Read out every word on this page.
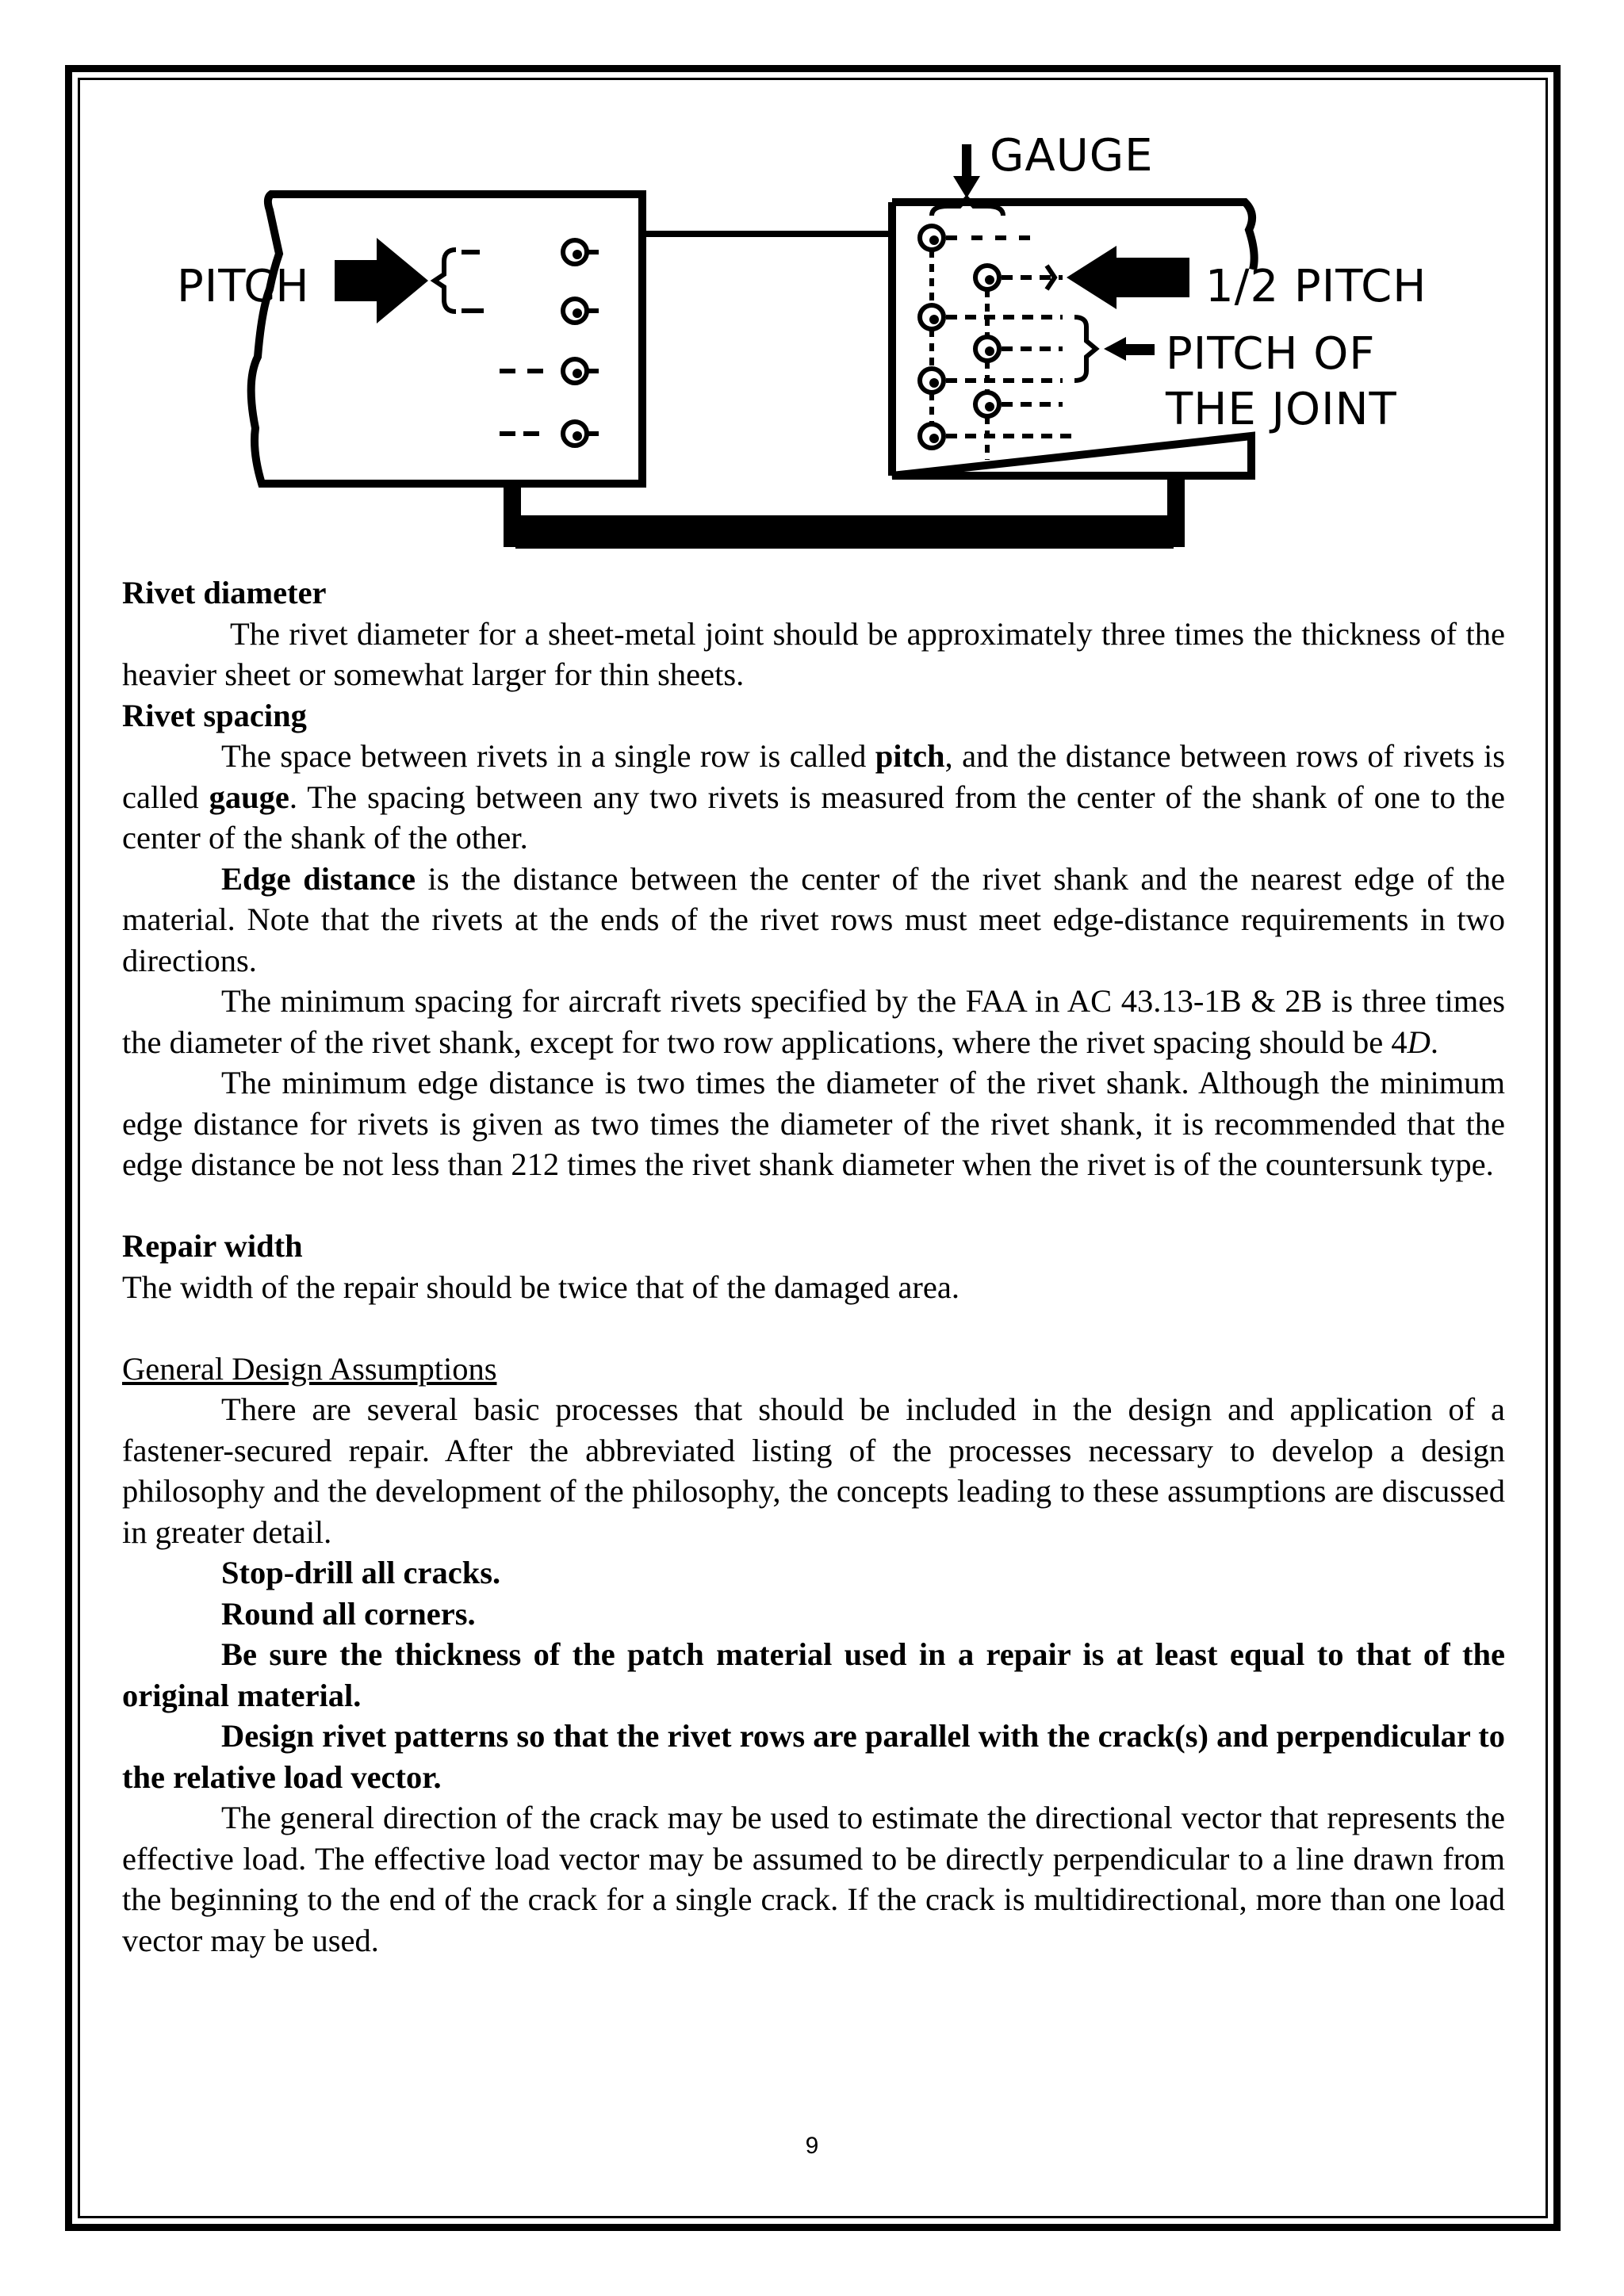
PITCH
GAUGE
1/2 PITCH
PITCH OF
THE JOINT

Rivet diameter

The rivet diameter for a sheet-metal joint should be approximately three times the thickness of the heavier sheet or somewhat larger for thin sheets.

Rivet spacing

The space between rivets in a single row is called pitch, and the distance between rows of rivets is called gauge. The spacing between any two rivets is measured from the center of the shank of one to the center of the shank of the other.

Edge distance is the distance between the center of the rivet shank and the nearest edge of the material. Note that the rivets at the ends of the rivet rows must meet edge-distance requirements in two directions.

The minimum spacing for aircraft rivets specified by the FAA in AC 43.13-1B & 2B is three times the diameter of the rivet shank, except for two row applications, where the rivet spacing should be 4D.

The minimum edge distance is two times the diameter of the rivet shank. Although the minimum edge distance for rivets is given as two times the diameter of the rivet shank, it is recommended that the edge distance be not less than 212 times the rivet shank diameter when the rivet is of the countersunk type.

Repair width

The width of the repair should be twice that of the damaged area.

General Design Assumptions

There are several basic processes that should be included in the design and application of a fastener-secured repair. After the abbreviated listing of the processes necessary to develop a design philosophy and the development of the philosophy, the concepts leading to these assumptions are discussed in greater detail.

Stop-drill all cracks.

Round all corners.

Be sure the thickness of the patch material used in a repair is at least equal to that of the original material.

Design rivet patterns so that the rivet rows are parallel with the crack(s) and perpendicular to the relative load vector.

The general direction of the crack may be used to estimate the directional vector that represents the effective load. The effective load vector may be assumed to be directly perpendicular to a line drawn from the beginning to the end of the crack for a single crack. If the crack is multidirectional, more than one load vector may be used.

9
